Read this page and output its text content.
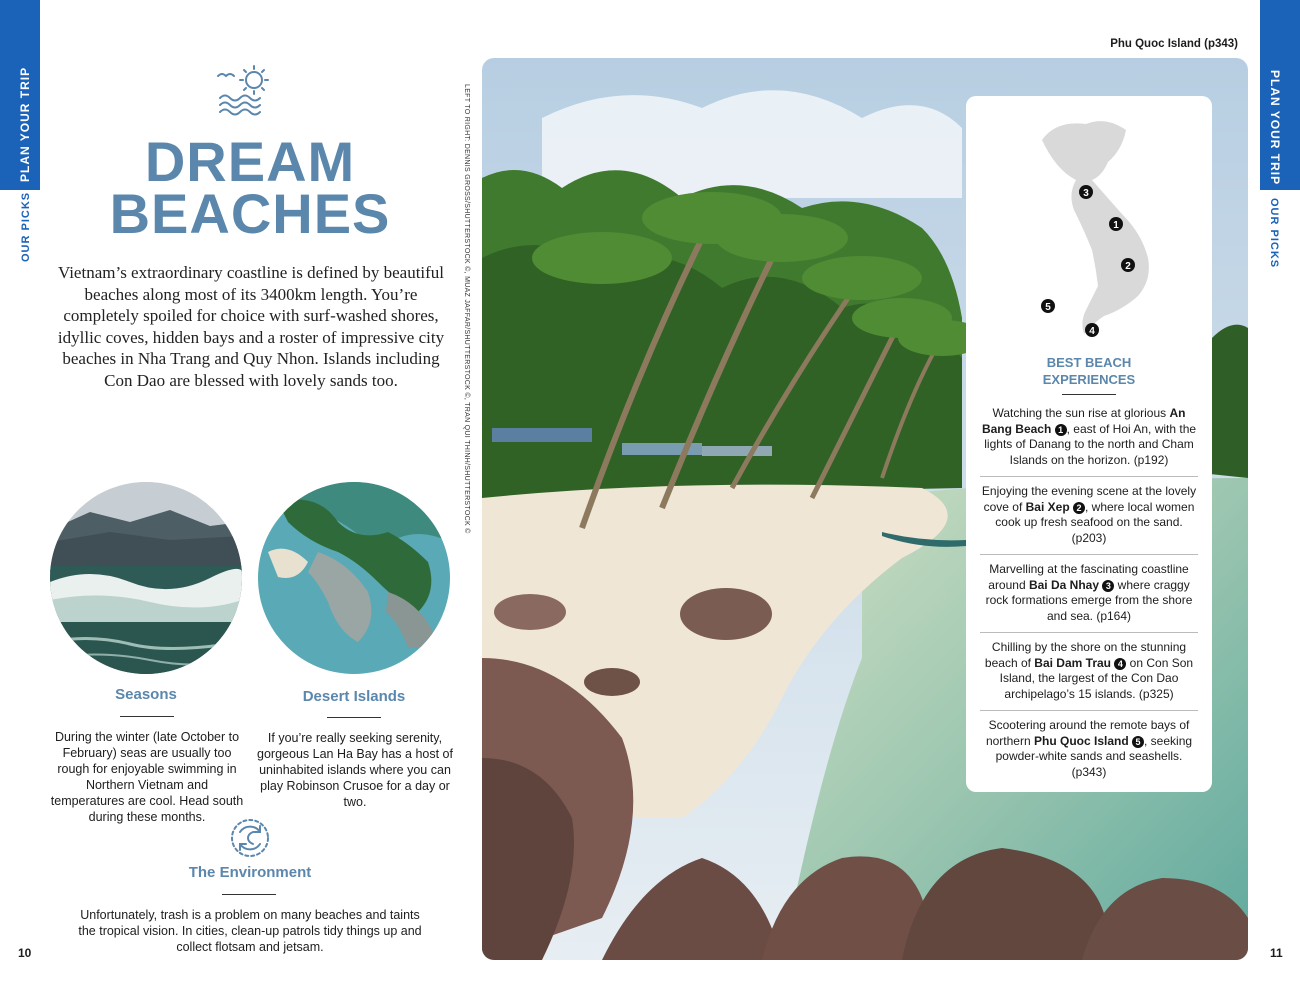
PLAN YOUR TRIP
OUR PICKS
PLAN YOUR TRIP
OUR PICKS
10	11
DREAM
BEACHES
Vietnam’s extraordinary coastline is defined by beautiful beaches along most of its 3400km length. You’re completely spoiled for choice with surf-washed shores, idyllic coves, hidden bays and a roster of impressive city beaches in Nha Trang and Quy Nhon. Islands including Con Dao are blessed with lovely sands too.
Seasons
During the winter (late October to February) seas are usually too rough for enjoyable swimming in Northern Vietnam and temperatures are cool. Head south during these months.
Desert Islands
If you’re really seeking serenity, gorgeous Lan Ha Bay has a host of uninhabited islands where you can play Robinson Crusoe for a day or two.
The Environment
Unfortunately, trash is a problem on many beaches and taints the tropical vision. In cities, clean-up patrols tidy things up and collect flotsam and jetsam.
LEFT TO RIGHT: DENNIS GROSS/SHUTTERSTOCK ©, MUAZ JAFFAR/SHUTTERSTOCK ©, TRAN QUI THINH/SHUTTERSTOCK ©
Phu Quoc Island (p343)
3
1
2
5
4
BEST BEACH
EXPERIENCES
Watching the sun rise at glorious An Bang Beach 1 , east of Hoi An, with the lights of Danang to the north and Cham Islands on the horizon. (p192)
Enjoying the evening scene at the lovely cove of Bai Xep 2 , where local women cook up fresh seafood on the sand. (p203)
Marvelling at the fascinating coastline around Bai Da Nhay 3 where craggy rock formations emerge from the shore and sea. (p164)
Chilling by the shore on the stunning beach of Bai Dam Trau 4 on Con Son Island, the largest of the Con Dao archipelago’s 15 islands. (p325)
Scootering around the remote bays of northern Phu Quoc Island 5 , seeking powder-white sands and seashells. (p343)
